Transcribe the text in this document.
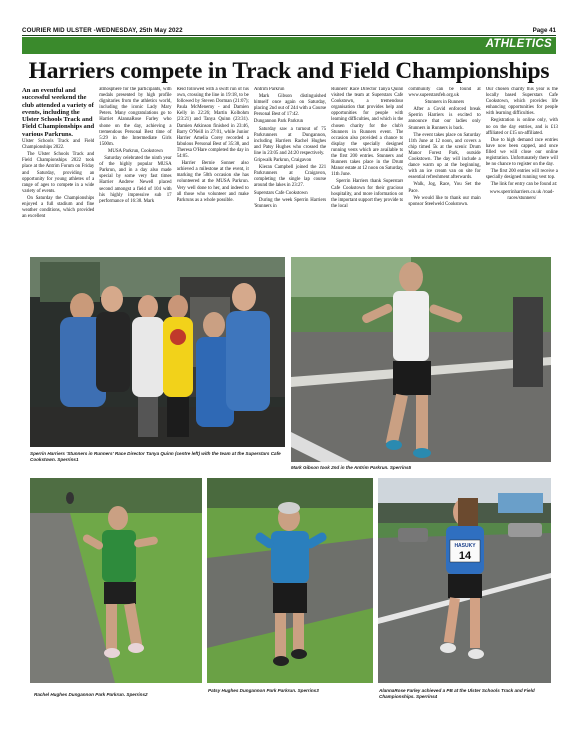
COURIER MID ULSTER -WEDNESDAY, 25th May 2022	Page 41
ATHLETICS
Harriers compete in Track and Field Championships

An an eventful and successful weekend the club attended a variety of events, including the Ulster Schools Track and Field Championships and various Parkruns.

Ulster Schools Track and Field Championships 2022.

The Ulster Schools Track and Field Championships 2022 took place at the Antrim Forum on Friday and Saturday, providing an opportunity for young athletes of a range of ages to compete in a wide variety of events.

On Saturday the Championships enjoyed a full stadium and fine weather conditions, which provided an excellent

atmosphere for the participants, with medals presented by high profile dignitaries from the athletics world, including the iconic Lady Mary Peters. Many congratulations go to Harriet AlannaRose Farley who shone on the day, achieving a tremendous Personal Best time of 5:29 in the Intermediate Girls 1500m.

MUSA Parkrun, Cookstown

Saturday celebrated the ninth year of the highly popular MUSA Parkrun, and in a day also made special by some very fast times Harrier Andrew Newell placed second amongst a field of 104 with his highly impressive sub 17 performance of 16:38. Mark

Reid followed with a swift run of his own, crossing the line in 19:18, to be followed by Steven Dorman (21:07); Paula McMenemy - and Damien Kelly in 22:26; Martin Kolbohm (23:21) and Tanya Quinn (23:31). Damien Atkinson finished in 23:46, Barry O'Neill in 27:01, while Junior Harrier Amelia Corey recorded a fabulous Personal Best of 35:38, and Theresa O'Hare completed the day in 54:05.

Harrier Bernie Sonner also achieved a milestone at the event, it marking the 50th occasion she has volunteered at the MUSA Parkrun. Very well done to her, and indeed to all those who volunteer and make Parkruns as a whole possible.

Antrim Parkrun

Mark Gibson distinguished himself once again on Saturday, placing 2nd out of 244 with a Course Personal Best of 17:42.

Dungannon Park Parkrun

Saturday saw a turnout of 75 Parkrunners at Dungannon, including Harriers Rachel Hughes and Patsy Hughes who crossed the line in 23:05 and 24:20 respectively.

Gripwalk Parkrun, Craigavon

Kieran Campbell joined the 221 Parkrunners at Craigavon, completing the single lap course around the lakes in 23:27.

Superstars Cafe Cookstown

During the week Sperrin Harriers 'Stunners in

Runners' Race Director Tanya Quinn visited the team at Superstars Cafe Cookstown, a tremendous organisation that provides help and opportunities for people with learning difficulties, and which is the chosen charity for the club's Stunners in Runners event. The occasion also provided a chance to display the specially designed running vests which are available to the first 200 entries. Stunners and Runners takes place in the Drum Manor estate at 12 noon on Saturday, 11th June.

Sperrin Harriers thank Superstars Cafe Cookstown for their gracious hospitality, and more information on the important support they provide to the local

community can be found at www.superstarsfeb.org.uk

Stunners in Runners

After a Covid enforced break Sperrin Harriers is excited to announce that our ladies only Stunners in Runners is back.

The event takes place on Saturday 11th June at 12 noon, and covers a chip timed 5k at the scenic Drum Manor Forest Park, outside Cookstown. The day will include a dance warm up at the beginning, with an ice cream van on site for essential refreshment afterwards.

Walk, Jog, Race, You Set the Pace.

We would like to thank our main sponsor Steelweld Cookstown.

Our chosen charity this year is the locally based Superstars Cafe Cookstown, which provides life enhancing opportunities for people with learning difficulties.

Registration is online only, with no on the day entries, and is £13 affiliated or £15 un-affiliated.

Due to high demand race entries have now been capped, and once filled we will close our online registration. Unfortunately there will be no chance to register on the day.

The first 200 entries will receive a specially designed running vest top.

The link for entry can be found at:

www.sperrinharriers.co.uk /road-races/stunners/

Sperrin Harriers 'Stunners in Runners' Race Director Tanya Quinn (centre left) with the team at the Superstars Cafe Cookstown. Sperrins1
Mark Gibson took 2nd in the Antrim Parkrun. Sperrins5
Rachel Hughes Dungannon Park Parkrun. Sperrins2
Patsy Hughes Dungannon Park Parkrun. Sperrins3
HASUKY
14
AlannaRose Farley achieved a PB at the Ulster Schools Track and Field Championships. Sperrins4
